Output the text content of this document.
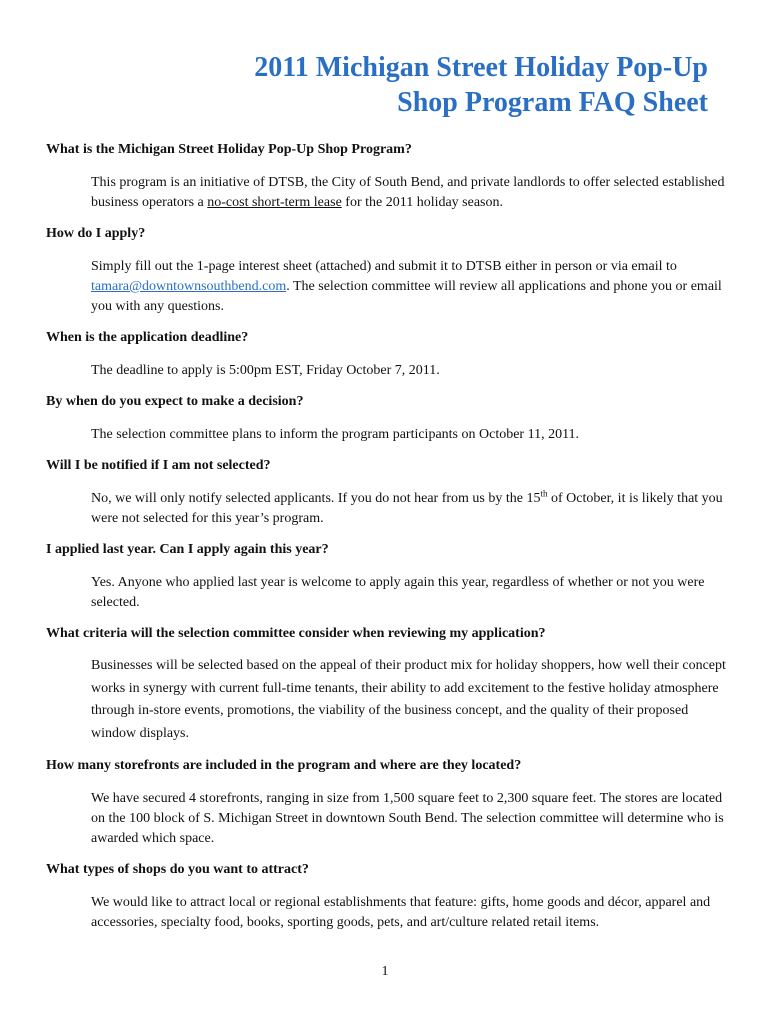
2011 Michigan Street Holiday Pop-Up
Shop Program FAQ Sheet

What is the Michigan Street Holiday Pop-Up Shop Program?

This program is an initiative of DTSB, the City of South Bend, and private landlords to offer selected established business operators a no-cost short-term lease for the 2011 holiday season.

How do I apply?

Simply fill out the 1-page interest sheet (attached) and submit it to DTSB either in person or via email to tamara@downtownsouthbend.com. The selection committee will review all applications and phone you or email you with any questions.

When is the application deadline?

The deadline to apply is 5:00pm EST, Friday October 7, 2011.

By when do you expect to make a decision?

The selection committee plans to inform the program participants on October 11, 2011.

Will I be notified if I am not selected?

No, we will only notify selected applicants. If you do not hear from us by the 15th of October, it is likely that you were not selected for this year’s program.

I applied last year. Can I apply again this year?

Yes. Anyone who applied last year is welcome to apply again this year, regardless of whether or not you were selected.

What criteria will the selection committee consider when reviewing my application?

Businesses will be selected based on the appeal of their product mix for holiday shoppers, how well their concept works in synergy with current full-time tenants, their ability to add excitement to the festive holiday atmosphere through in-store events, promotions, the viability of the business concept, and the quality of their proposed window displays.

How many storefronts are included in the program and where are they located?

We have secured 4 storefronts, ranging in size from 1,500 square feet to 2,300 square feet. The stores are located on the 100 block of S. Michigan Street in downtown South Bend. The selection committee will determine who is awarded which space.

What types of shops do you want to attract?

We would like to attract local or regional establishments that feature: gifts, home goods and décor, apparel and accessories, specialty food, books, sporting goods, pets, and art/culture related retail items.

1
